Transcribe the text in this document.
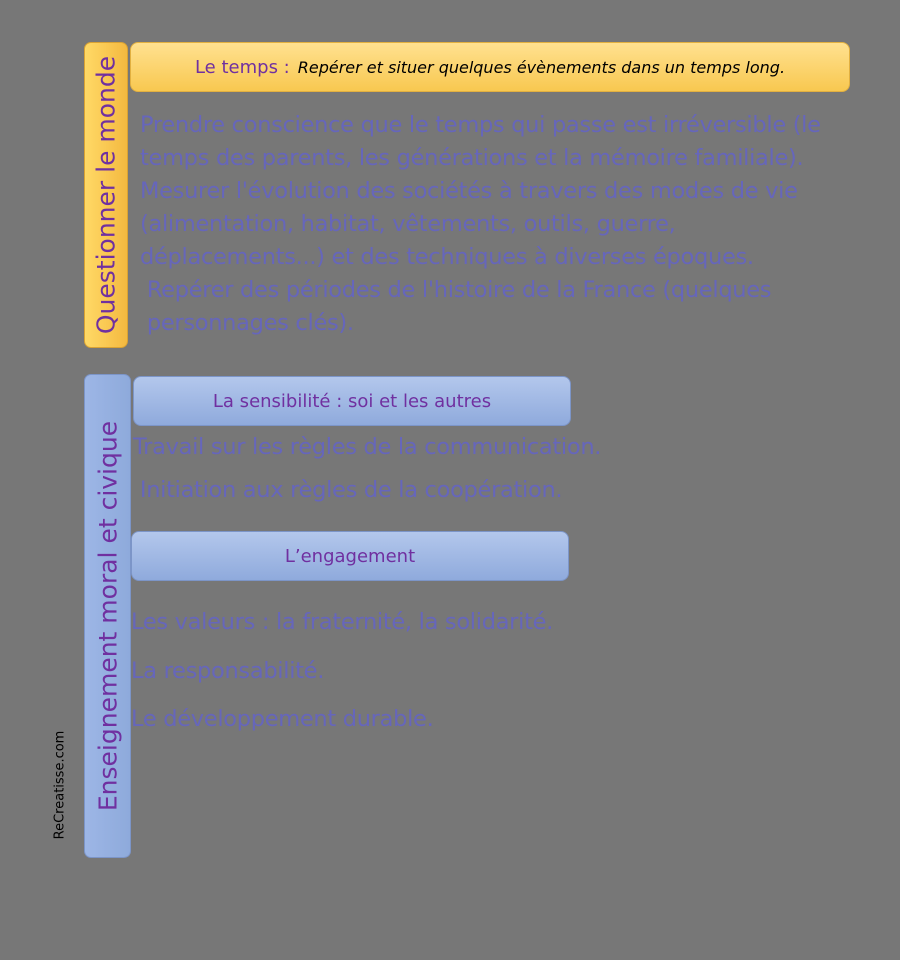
Questionner le monde	Le temps : Repérer et situer quelques évènements dans un temps long.
Prendre conscience que le temps qui passe est irréversible (le
temps des parents, les générations et la mémoire familiale).
Mesurer l'évolution des sociétés à travers des modes de vie
(alimentation, habitat, vêtements, outils, guerre,
déplacements...) et des techniques à diverses époques.
Repérer des périodes de l'histoire de la France (quelques
personnages clés).
Enseignement moral et civique
La sensibilité : soi et les autres
Travail sur les règles de la communication.
Initiation aux règles de la coopération.
L’engagement
Les valeurs : la fraternité, la solidarité.
La responsabilité.
Le développement durable.
ReCreatisse.com
